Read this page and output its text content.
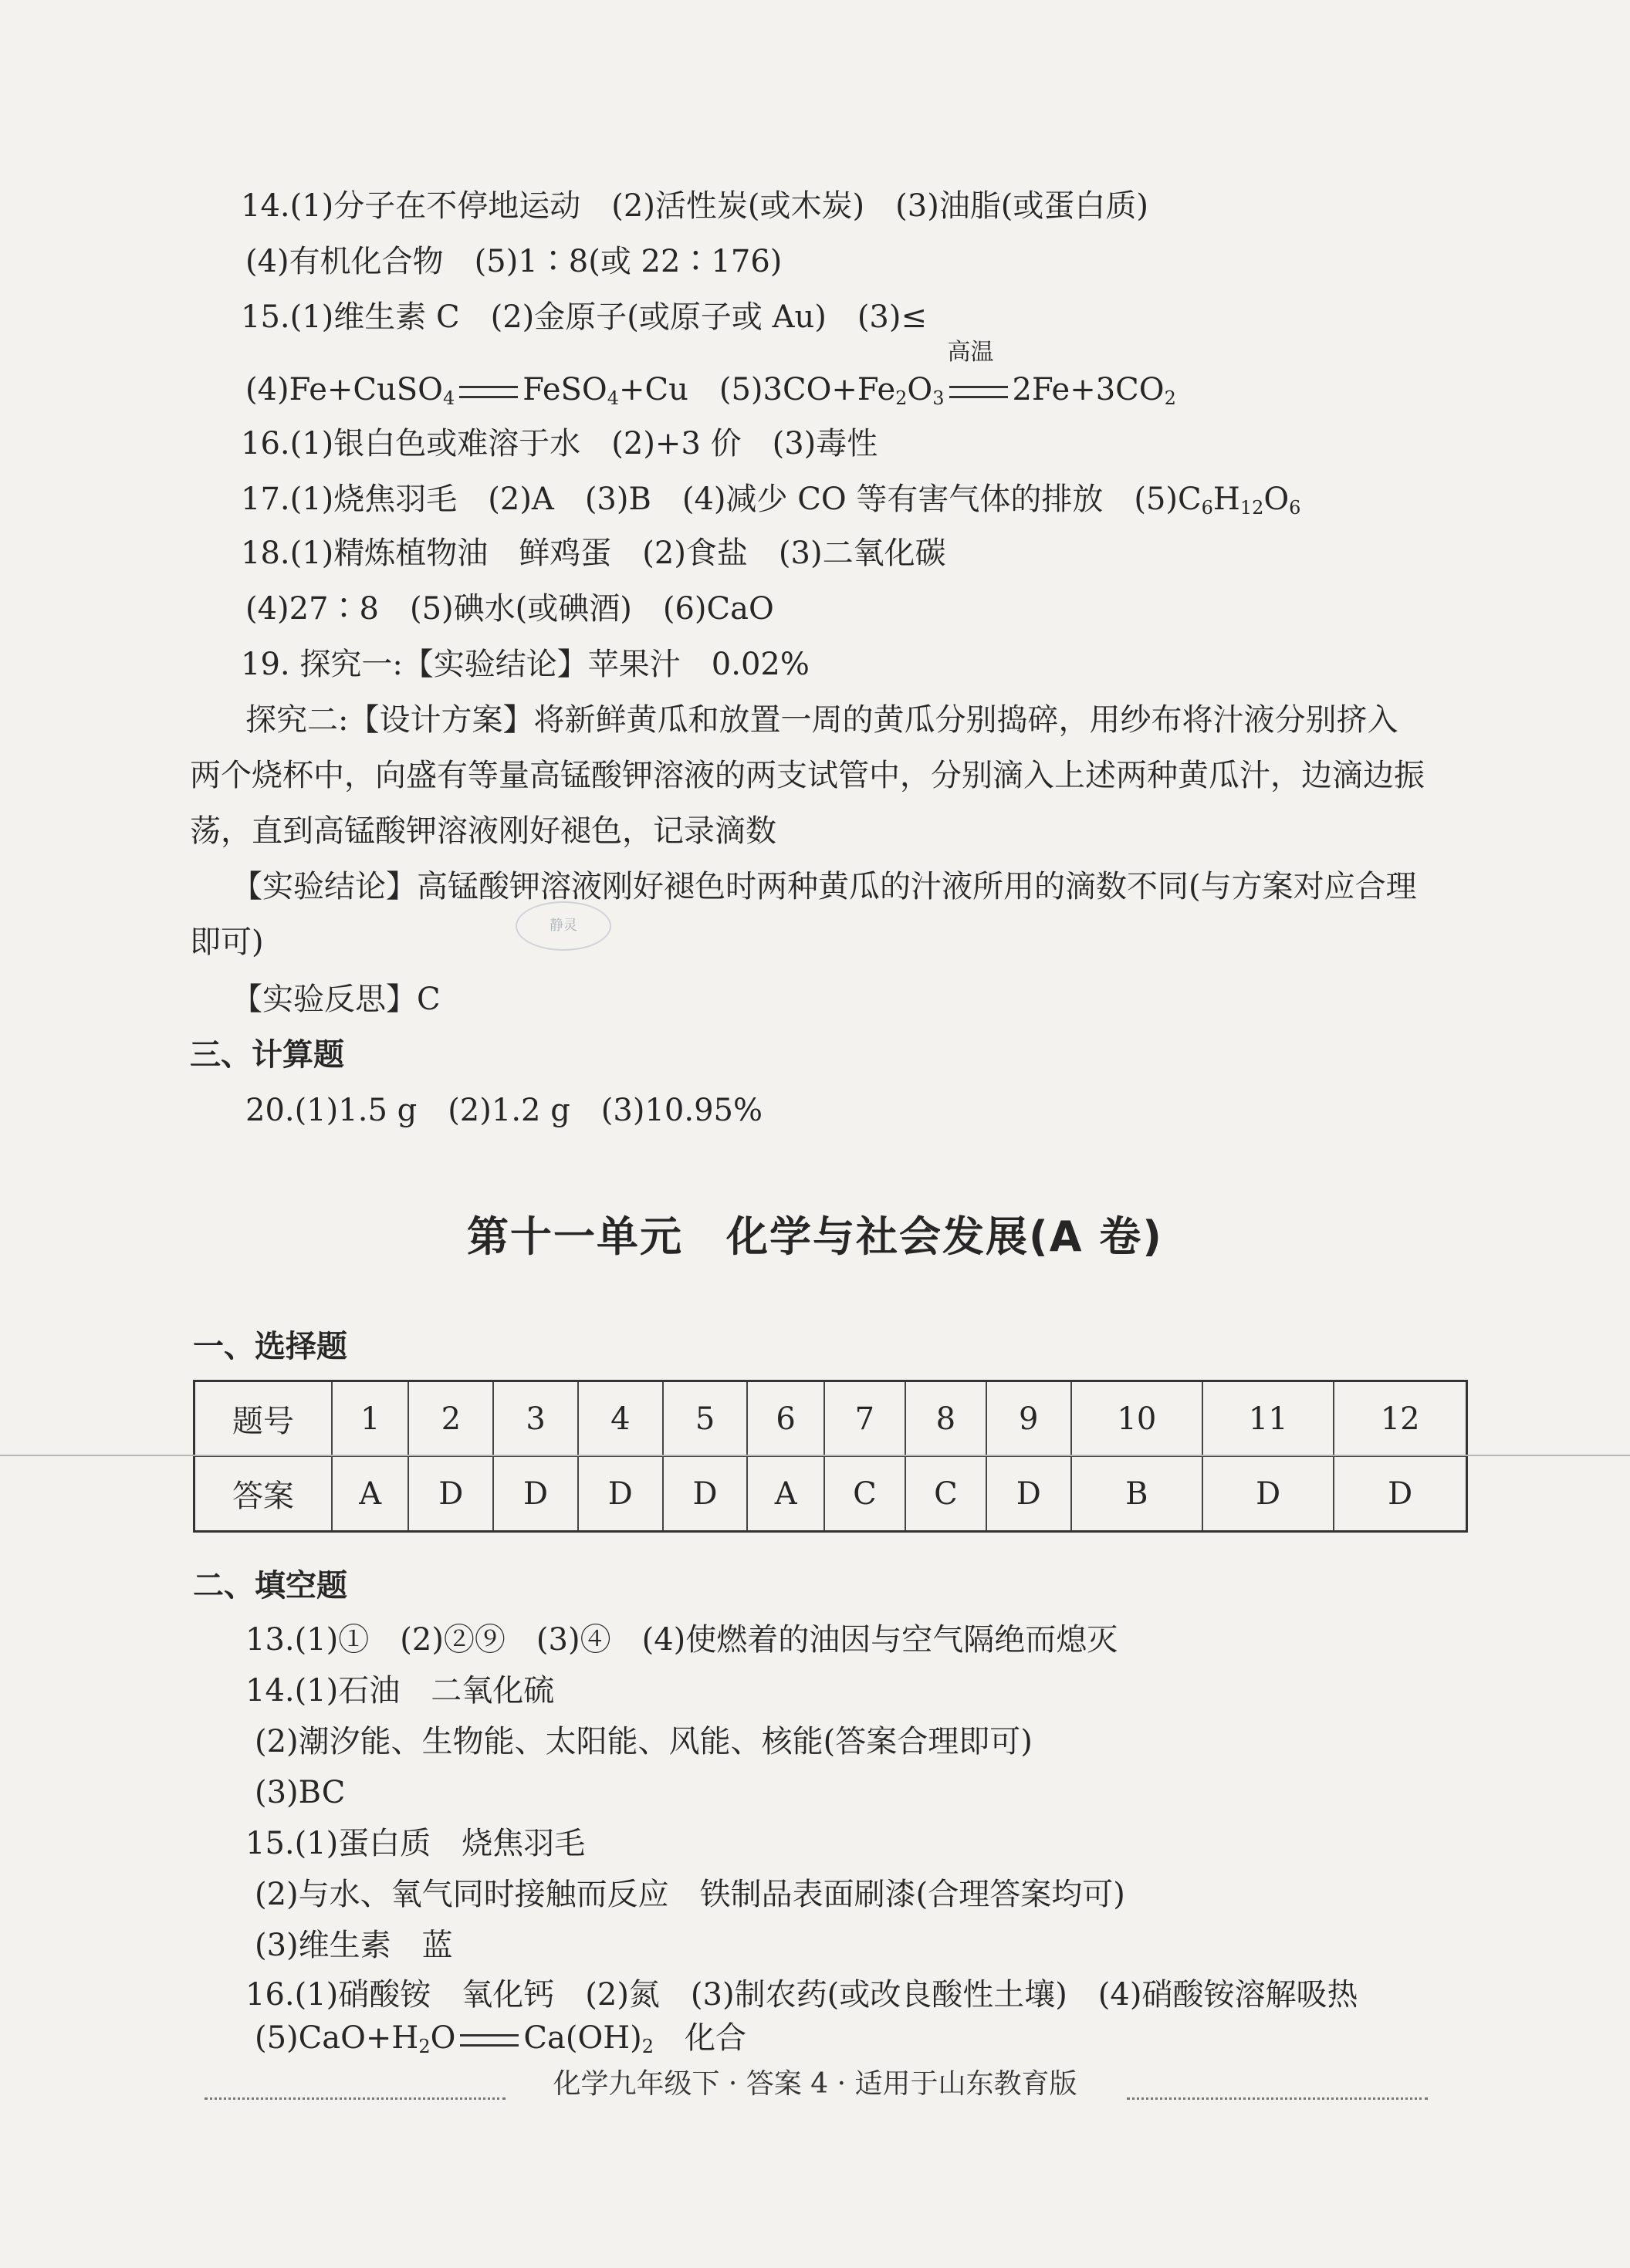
14.(1)分子在不停地运动　(2)活性炭(或木炭)　(3)油脂(或蛋白质)
(4)有机化合物　(5)1∶8(或 22∶176)
15.(1)维生素 C　(2)金原子(或原子或 Au)　(3)≤
(4)Fe+CuSO$_4$ FeSO$_4$+Cu　$(5)3CO+Fe_2O_3$
高温
$2Fe+3CO_2$
16.(1)银白色或难溶于水　(2)+3 价　(3)毒性
17.(1)烧焦羽毛　(2)A　(3)B　(4)减少 CO 等有害气体的排放　$(5)C_6H_{12}O_6$
18.(1)精炼植物油　鲜鸡蛋　(2)食盐　(3)二氧化碳
(4)27∶8　(5)碘水(或碘酒)　(6)CaO
19. 探究一:【实验结论】苹果汁　0.02%
探究二:【设计方案】将新鲜黄瓜和放置一周的黄瓜分别捣碎，用纱布将汁液分别挤入
两个烧杯中，向盛有等量高锰酸钾溶液的两支试管中，分别滴入上述两种黄瓜汁，边滴边振
荡，直到高锰酸钾溶液刚好褪色，记录滴数
【实验结论】高锰酸钾溶液刚好褪色时两种黄瓜的汁液所用的滴数不同(与方案对应合理
即可)	静灵
【实验反思】C
三、计算题
20.(1)1.5 g　(2)1.2 g　(3)10.95%
第十一单元　化学与社会发展(A 卷)
一、选择题
题号	1	2	3	4	5	6	7	8	9	10	11	12
答案	A	D	D	D	D	A	C	C	D	B	D	D
二、填空题
13.(1)①　(2)②⑨　(3)④　(4)使燃着的油因与空气隔绝而熄灭
14.(1)石油　二氧化硫
(2)潮汐能、生物能、太阳能、风能、核能(答案合理即可)
(3)BC
15.(1)蛋白质　烧焦羽毛
(2)与水、氧气同时接触而反应　铁制品表面刷漆(合理答案均可)
(3)维生素　蓝
化学九年级下 · 答案 4 · 适用于山东教育版
16.(1)硝酸铵　氧化钙　(2)氮　(3)制农药(或改良酸性土壤)　(4)硝酸铵溶解吸热
$(5)CaO+H_2O$ $Ca(OH)_2$　化合
